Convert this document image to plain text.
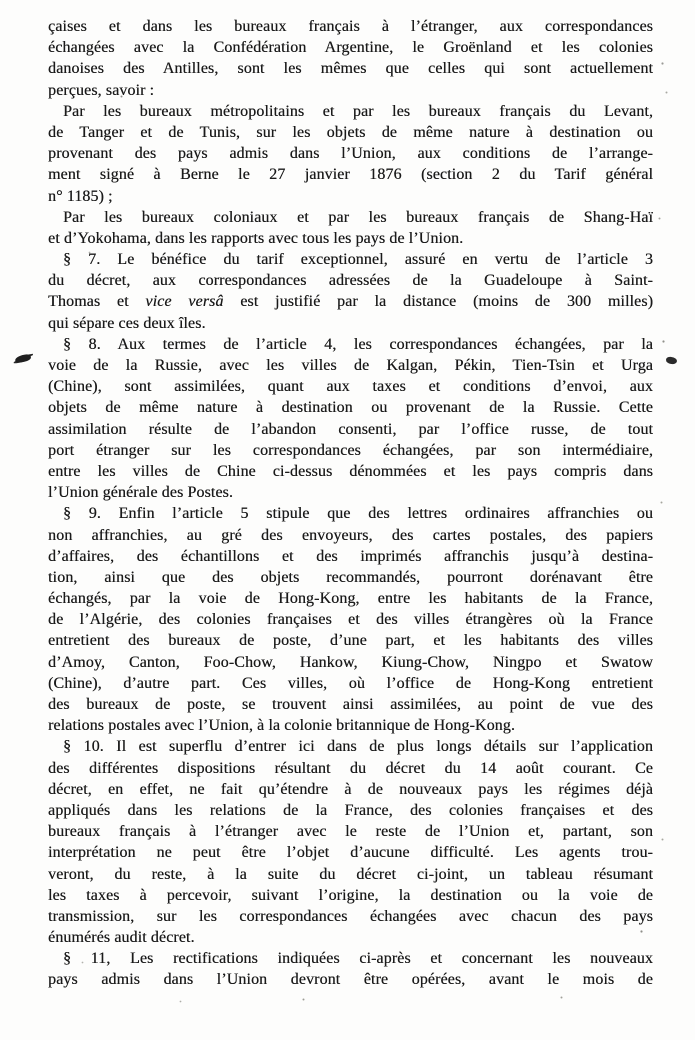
çaises et dans les bureaux français à l’étranger, aux correspondances
échangées avec la Confédération Argentine, le Groënland et les colonies
danoises des Antilles, sont les mêmes que celles qui sont actuellement
perçues, savoir :
Par les bureaux métropolitains et par les bureaux français du Levant,
de Tanger et de Tunis, sur les objets de même nature à destination ou
provenant des pays admis dans l’Union, aux conditions de l’arrange-
ment signé à Berne le 27 janvier 1876 (section 2 du Tarif général
n° 1185) ;
Par les bureaux coloniaux et par les bureaux français de Shang-Haï
et d’Yokohama, dans les rapports avec tous les pays de l’Union.
§ 7. Le bénéfice du tarif exceptionnel, assuré en vertu de l’article 3
du décret, aux correspondances adressées de la Guadeloupe à Saint-
Thomas et vice versâ est justifié par la distance (moins de 300 milles)
qui sépare ces deux îles.
§ 8. Aux termes de l’article 4, les correspondances échangées, par la
voie de la Russie, avec les villes de Kalgan, Pékin, Tien-Tsin et Urga
(Chine), sont assimilées, quant aux taxes et conditions d’envoi, aux
objets de même nature à destination ou provenant de la Russie. Cette
assimilation résulte de l’abandon consenti, par l’office russe, de tout
port étranger sur les correspondances échangées, par son intermédiaire,
entre les villes de Chine ci-dessus dénommées et les pays compris dans
l’Union générale des Postes.
§ 9. Enfin l’article 5 stipule que des lettres ordinaires affranchies ou
non affranchies, au gré des envoyeurs, des cartes postales, des papiers
d’affaires, des échantillons et des imprimés affranchis jusqu’à destina-
tion, ainsi que des objets recommandés, pourront dorénavant être
échangés, par la voie de Hong-Kong, entre les habitants de la France,
de l’Algérie, des colonies françaises et des villes étrangères où la France
entretient des bureaux de poste, d’une part, et les habitants des villes
d’Amoy, Canton, Foo-Chow, Hankow, Kiung-Chow, Ningpo et Swatow
(Chine), d’autre part. Ces villes, où l’office de Hong-Kong entretient
des bureaux de poste, se trouvent ainsi assimilées, au point de vue des
relations postales avec l’Union, à la colonie britannique de Hong-Kong.
§ 10. Il est superflu d’entrer ici dans de plus longs détails sur l’application
des différentes dispositions résultant du décret du 14 août courant. Ce
décret, en effet, ne fait qu’étendre à de nouveaux pays les régimes déjà
appliqués dans les relations de la France, des colonies françaises et des
bureaux français à l’étranger avec le reste de l’Union et, partant, son
interprétation ne peut être l’objet d’aucune difficulté. Les agents trou-
veront, du reste, à la suite du décret ci-joint, un tableau résumant
les taxes à percevoir, suivant l’origine, la destination ou la voie de
transmission, sur les correspondances échangées avec chacun des pays
énumérés audit décret.
§ 11, Les rectifications indiquées ci-après et concernant les nouveaux
pays admis dans l’Union devront être opérées, avant le mois de
